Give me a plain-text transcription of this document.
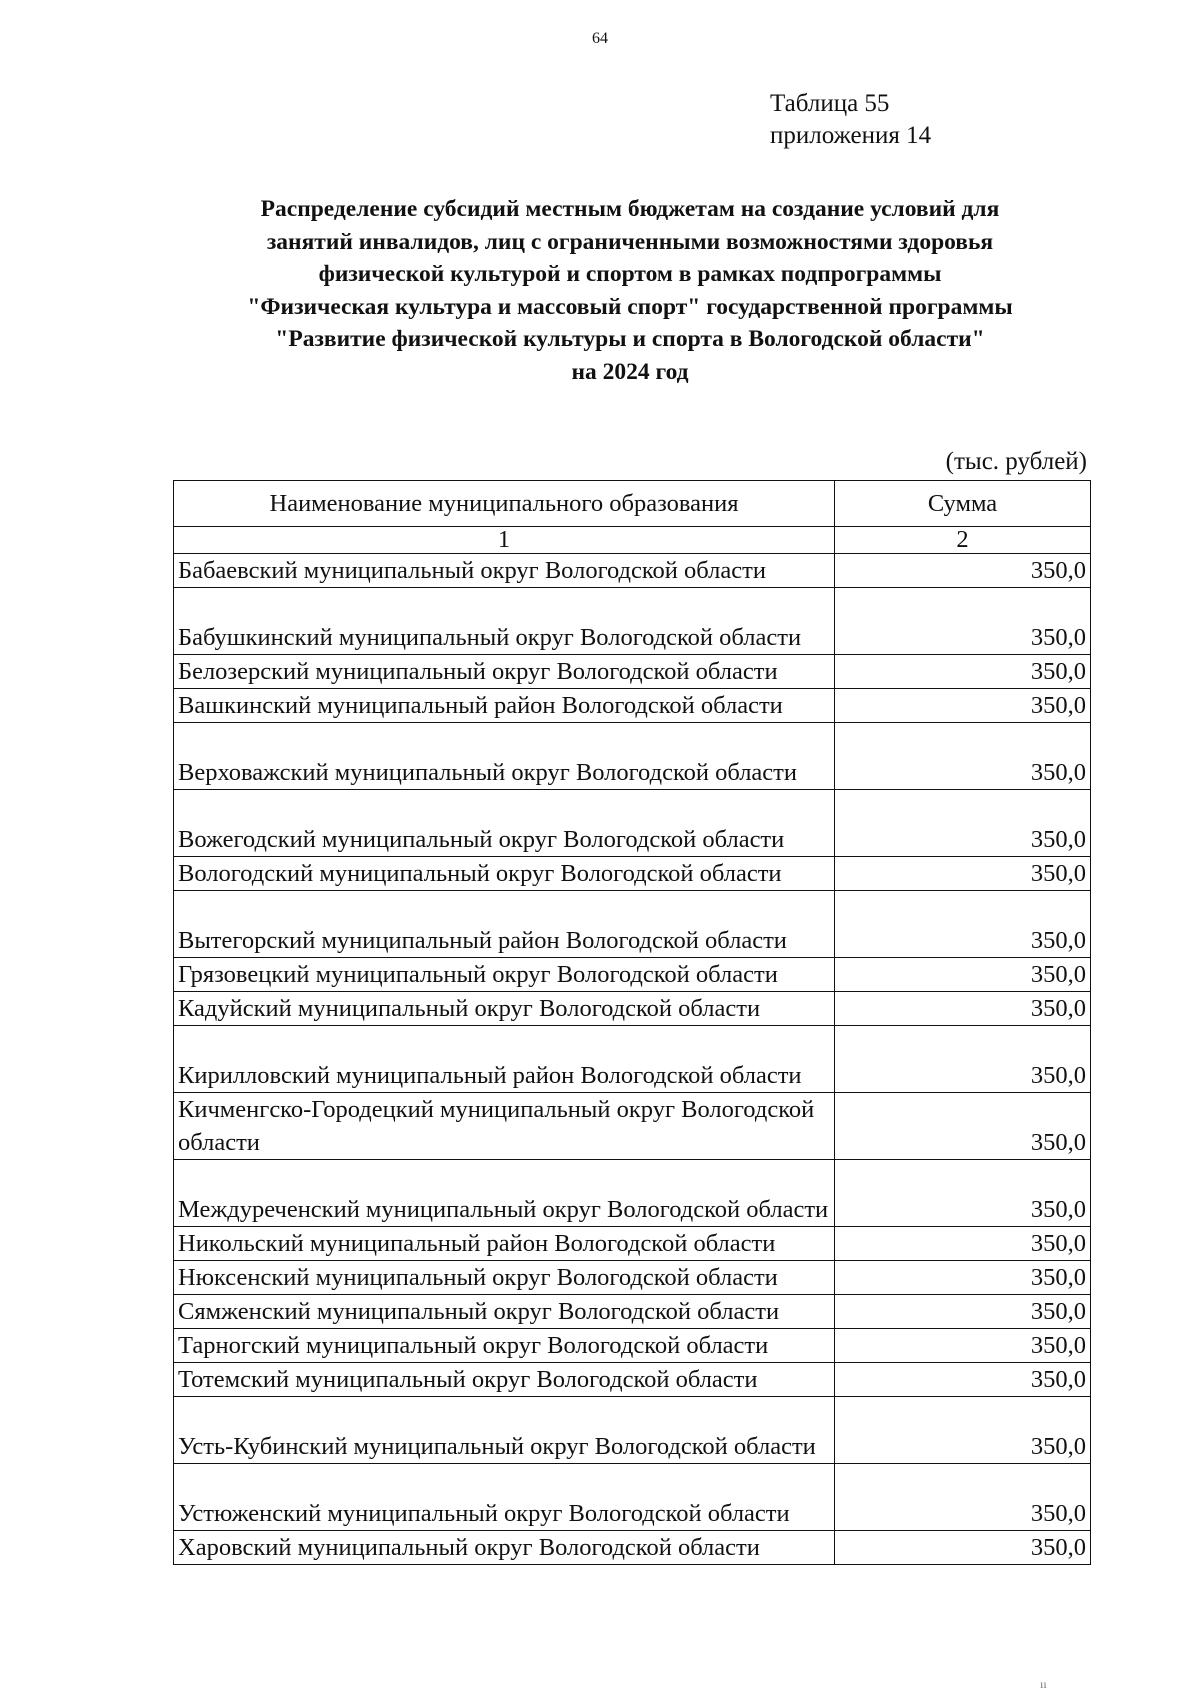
64
Таблица 55
приложения 14
Распределение субсидий местным бюджетам на создание условий для
занятий инвалидов, лиц с ограниченными возможностями здоровья
физической культурой и спортом в рамках подпрограммы
"Физическая культура и массовый спорт" государственной программы
"Развитие физической культуры и спорта в Вологодской области"
на 2024 год
(тыс. рублей)
Наименование муниципального образования	Сумма
1	2
Бабаевский муниципальный округ Вологодской области	350,0
Бабушкинский муниципальный округ Вологодской области	350,0
Белозерский муниципальный округ Вологодской области	350,0
Вашкинский муниципальный район Вологодской области	350,0
Верховажский муниципальный округ Вологодской области	350,0
Вожегодский муниципальный округ Вологодской области	350,0
Вологодский муниципальный округ Вологодской области	350,0
Вытегорский муниципальный район Вологодской области	350,0
Грязовецкий муниципальный округ Вологодской области	350,0
Кадуйский муниципальный округ Вологодской области	350,0
Кирилловский муниципальный район Вологодской области	350,0
Кичменгско-Городецкий муниципальный округ Вологодской области	350,0
Междуреченский муниципальный округ Вологодской области	350,0
Никольский муниципальный район Вологодской области	350,0
Нюксенский муниципальный округ Вологодской области	350,0
Сямженский муниципальный округ Вологодской области	350,0
Тарногский муниципальный округ Вологодской области	350,0
Тотемский муниципальный округ Вологодской области	350,0
Усть-Кубинский муниципальный округ Вологодской области	350,0
Устюженский муниципальный округ Вологодской области	350,0
Харовский муниципальный округ Вологодской области	350,0
ıı
